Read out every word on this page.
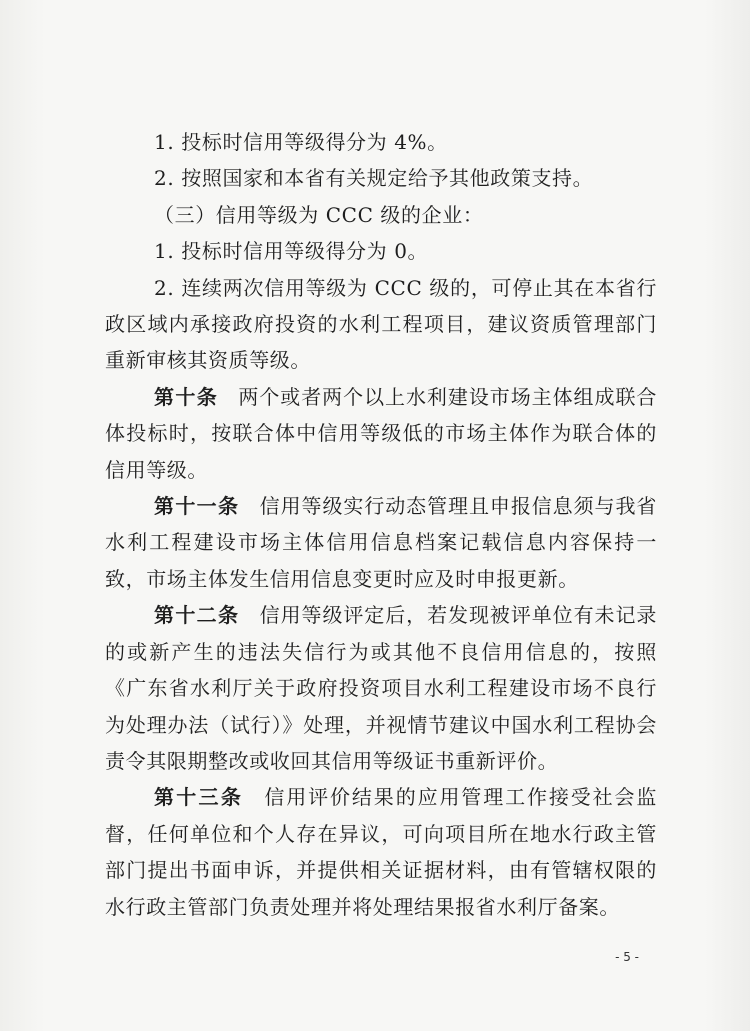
1. 投标时信用等级得分为 4%。

2. 按照国家和本省有关规定给予其他政策支持。

（三）信用等级为 CCC 级的企业：

1. 投标时信用等级得分为 0。

2. 连续两次信用等级为 CCC 级的，可停止其在本省行政区域内承接政府投资的水利工程项目，建议资质管理部门重新审核其资质等级。

第十条 两个或者两个以上水利建设市场主体组成联合体投标时，按联合体中信用等级低的市场主体作为联合体的信用等级。

第十一条 信用等级实行动态管理且申报信息须与我省水利工程建设市场主体信用信息档案记载信息内容保持一致，市场主体发生信用信息变更时应及时申报更新。

第十二条 信用等级评定后，若发现被评单位有未记录的或新产生的违法失信行为或其他不良信用信息的，按照《广东省水利厅关于政府投资项目水利工程建设市场不良行为处理办法（试行）》处理，并视情节建议中国水利工程协会责令其限期整改或收回其信用等级证书重新评价。

第十三条 信用评价结果的应用管理工作接受社会监督，任何单位和个人存在异议，可向项目所在地水行政主管部门提出书面申诉，并提供相关证据材料，由有管辖权限的水行政主管部门负责处理并将处理结果报省水利厅备案。

- 5 -
